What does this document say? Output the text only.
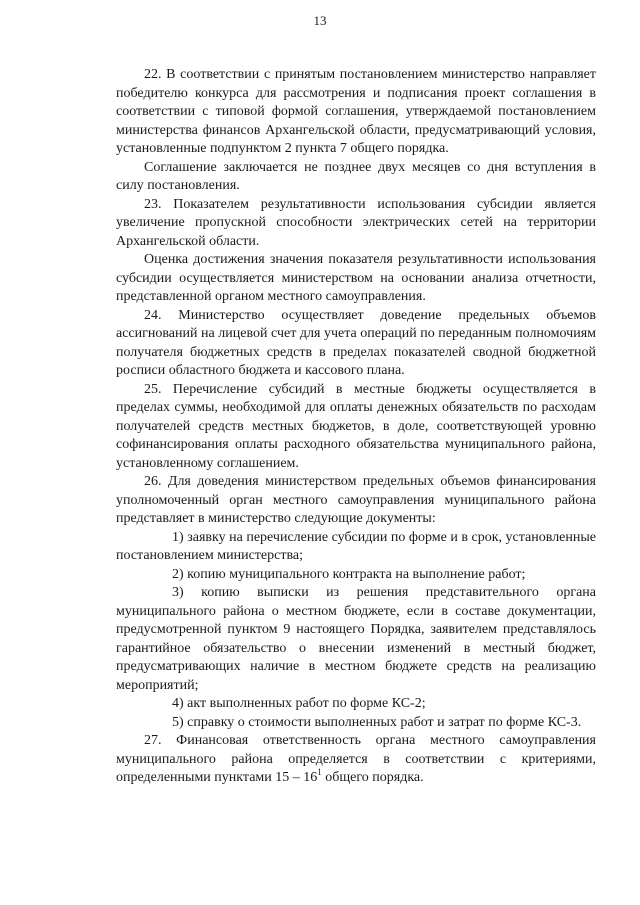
13

22. В соответствии с принятым постановлением министерство направляет победителю конкурса для рассмотрения и подписания проект соглашения в соответствии с типовой формой соглашения, утверждаемой постановлением министерства финансов Архангельской области, предусматривающий условия, установленные подпунктом 2 пункта 7 общего порядка.

Соглашение заключается не позднее двух месяцев со дня вступления в силу постановления.

23. Показателем результативности использования субсидии является увеличение пропускной способности электрических сетей на территории Архангельской области.

Оценка достижения значения показателя результативности использования субсидии осуществляется министерством на основании анализа отчетности, представленной органом местного самоуправления.

24. Министерство осуществляет доведение предельных объемов ассигнований на лицевой счет для учета операций по переданным полномочиям получателя бюджетных средств в пределах показателей сводной бюджетной росписи областного бюджета и кассового плана.

25. Перечисление субсидий в местные бюджеты осуществляется в пределах суммы, необходимой для оплаты денежных обязательств по расходам получателей средств местных бюджетов, в доле, соответствующей уровню софинансирования оплаты расходного обязательства муниципального района, установленному соглашением.

26. Для доведения министерством предельных объемов финансирования уполномоченный орган местного самоуправления муниципального района представляет в министерство следующие документы:

1) заявку на перечисление субсидии по форме и в срок, установленные постановлением министерства;

2) копию муниципального контракта на выполнение работ;

3) копию выписки из решения представительного органа муниципального района о местном бюджете, если в составе документации, предусмотренной пунктом 9 настоящего Порядка, заявителем представлялось гарантийное обязательство о внесении изменений в местный бюджет, предусматривающих наличие в местном бюджете средств на реализацию мероприятий;

4) акт выполненных работ по форме КС-2;

5) справку о стоимости выполненных работ и затрат по форме КС-3.

27. Финансовая ответственность органа местного самоуправления муниципального района определяется в соответствии с критериями, определенными пунктами $15 - 16^1$ общего порядка.
